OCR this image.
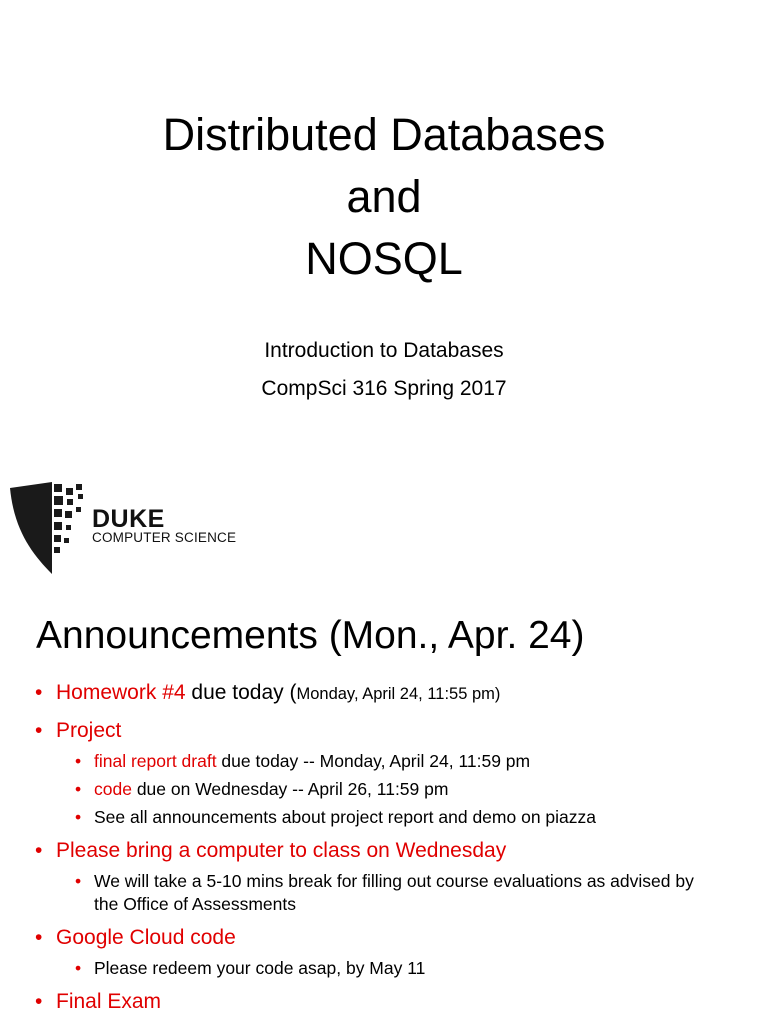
Distributed Databases
and
NOSQL
Introduction to Databases
CompSci 316 Spring 2017
DUKE
COMPUTER SCIENCE
Announcements (Mon., Apr. 24)
• Homework #4 due today (Monday, April 24, 11:55 pm)
• Project
• final report draft due today -- Monday, April 24, 11:59 pm
• code due on Wednesday -- April 26, 11:59 pm
• See all announcements about project report and demo on piazza
• Please bring a computer to class on Wednesday
• We will take a 5-10 mins break for filling out course evaluations as advised by the Office of Assessments
• Google Cloud code
• Please redeem your code asap, by May 11
• Final Exam
